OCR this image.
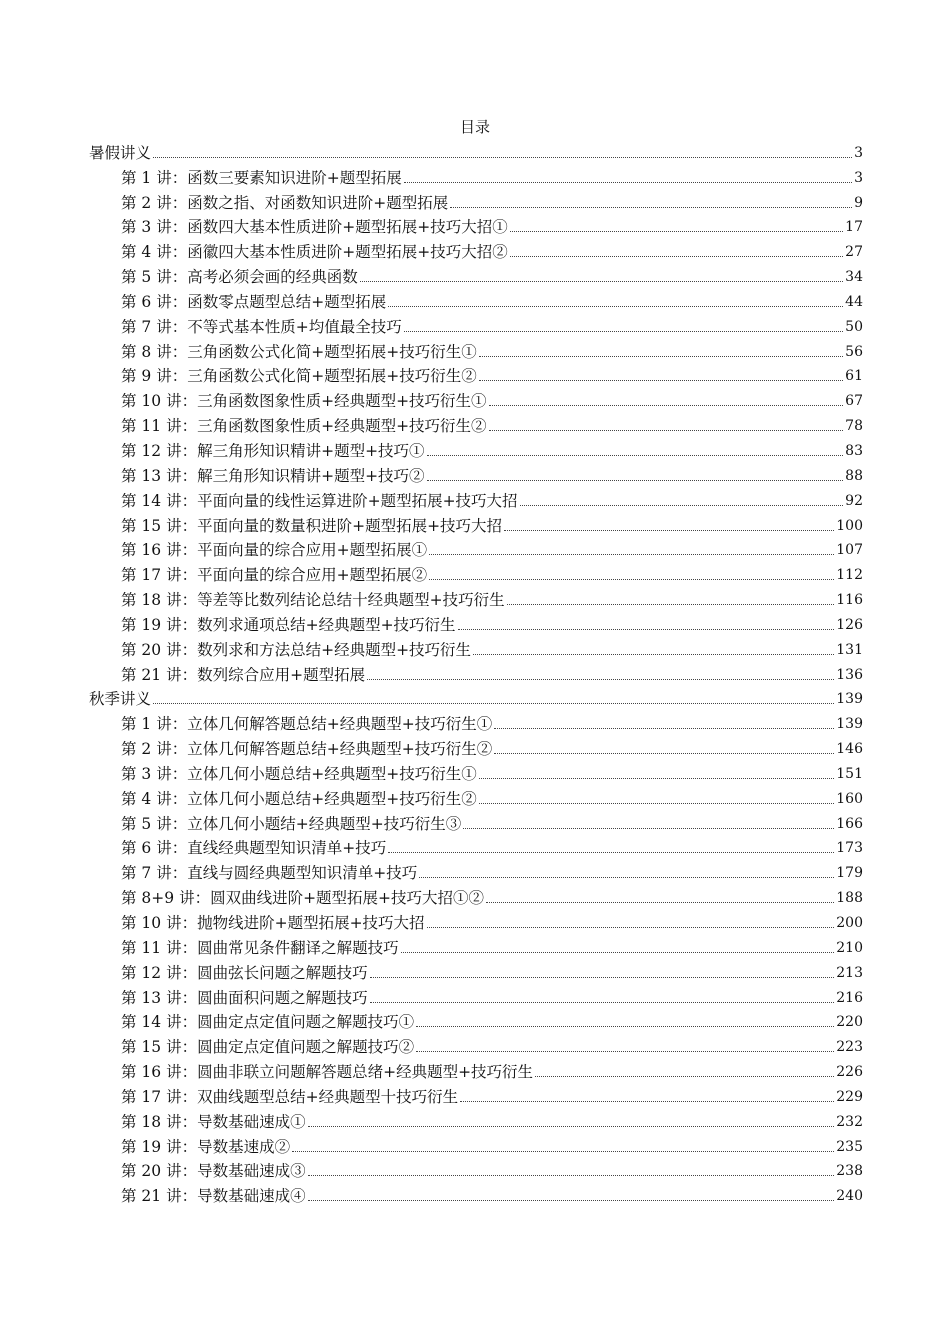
目录
暑假讲义	3
第 1 讲：函数三要素知识进阶+题型拓展	3
第 2 讲：函数之指、对函数知识进阶+题型拓展	9
第 3 讲：函数四大基本性质进阶+题型拓展+技巧大招①	17
第 4 讲：函徽四大基本性质进阶+题型拓展+技巧大招②	27
第 5 讲：高考必须会画的经典函数	34
第 6 讲：函数零点题型总结+题型拓展	44
第 7 讲：不等式基本性质+均值最全技巧	50
第 8 讲：三角函数公式化简+题型拓展+技巧衍生①	56
第 9 讲：三角函数公式化简+题型拓展+技巧衍生②	61
第 10 讲：三角函数图象性质+经典题型+技巧衍生①	67
第 11 讲：三角函数图象性质+经典题型+技巧衍生②	78
第 12 讲：解三角形知识精讲+题型+技巧①	83
第 13 讲：解三角形知识精讲+题型+技巧②	88
第 14 讲：平面向量的线性运算进阶+题型拓展+技巧大招	92
第 15 讲：平面向量的数量积进阶+题型拓展+技巧大招	100
第 16 讲：平面向量的综合应用+题型拓展①	107
第 17 讲：平面向量的综合应用+题型拓展②	112
第 18 讲：等差等比数列结论总结十经典题型+技巧衍生	116
第 19 讲：数列求通项总结+经典题型+技巧衍生	126
第 20 讲：数列求和方法总结+经典题型+技巧衍生	131
第 21 讲：数列综合应用+题型拓展	136
秋季讲义	139
第 1 讲：立体几何解答题总结+经典题型+技巧衍生①	139
第 2 讲：立体几何解答题总结+经典题型+技巧衍生②	146
第 3 讲：立体几何小题总结+经典题型+技巧衍生①	151
第 4 讲：立体几何小题总结+经典题型+技巧衍生②	160
第 5 讲：立体几何小题结+经典题型+技巧衍生③	166
第 6 讲：直线经典题型知识清单+技巧	173
第 7 讲：直线与圆经典题型知识清单+技巧	179
第 8+9 讲：圆双曲线进阶+题型拓展+技巧大招①②	188
第 10 讲：抛物线进阶+题型拓展+技巧大招	200
第 11 讲：圆曲常见条件翻译之解题技巧	210
第 12 讲：圆曲弦长问题之解题技巧	213
第 13 讲：圆曲面积问题之解题技巧	216
第 14 讲：圆曲定点定值问题之解题技巧①	220
第 15 讲：圆曲定点定值问题之解题技巧②	223
第 16 讲：圆曲非联立问题解答题总绪+经典题型+技巧衍生	226
第 17 讲：双曲线题型总结+经典题型十技巧衍生	229
第 18 讲：导数基础速成①	232
第 19 讲：导数基速成②	235
第 20 讲：导数基础速成③	238
第 21 讲：导数基础速成④	240
